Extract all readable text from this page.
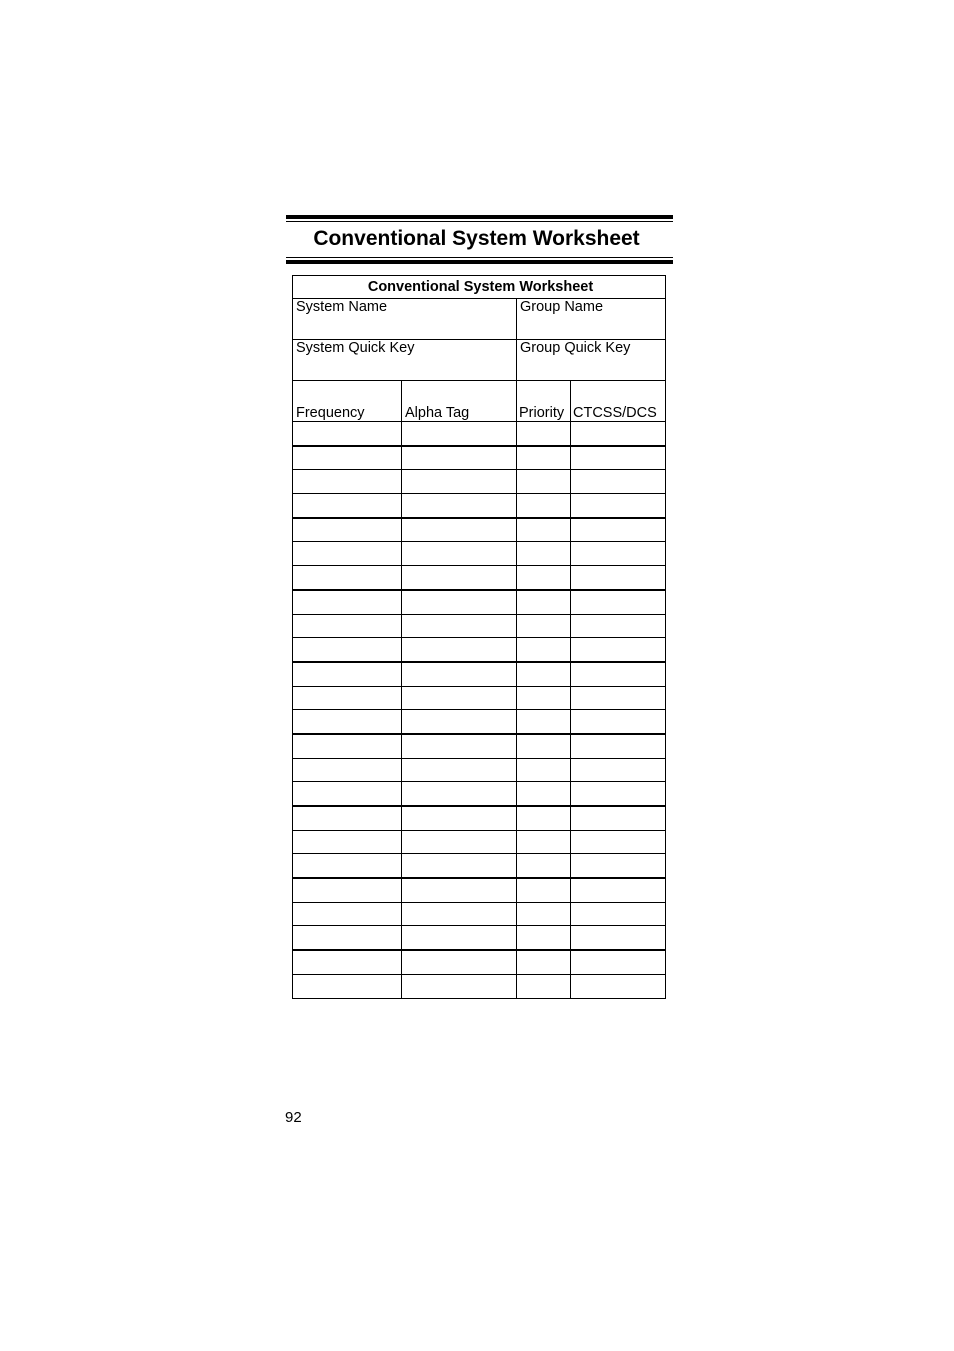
Conventional System Worksheet
Conventional System Worksheet			
System Name		Group Name	
System Quick Key		Group Quick Key	
Frequency	Alpha Tag	Priority	CTCSS/DCS

92
